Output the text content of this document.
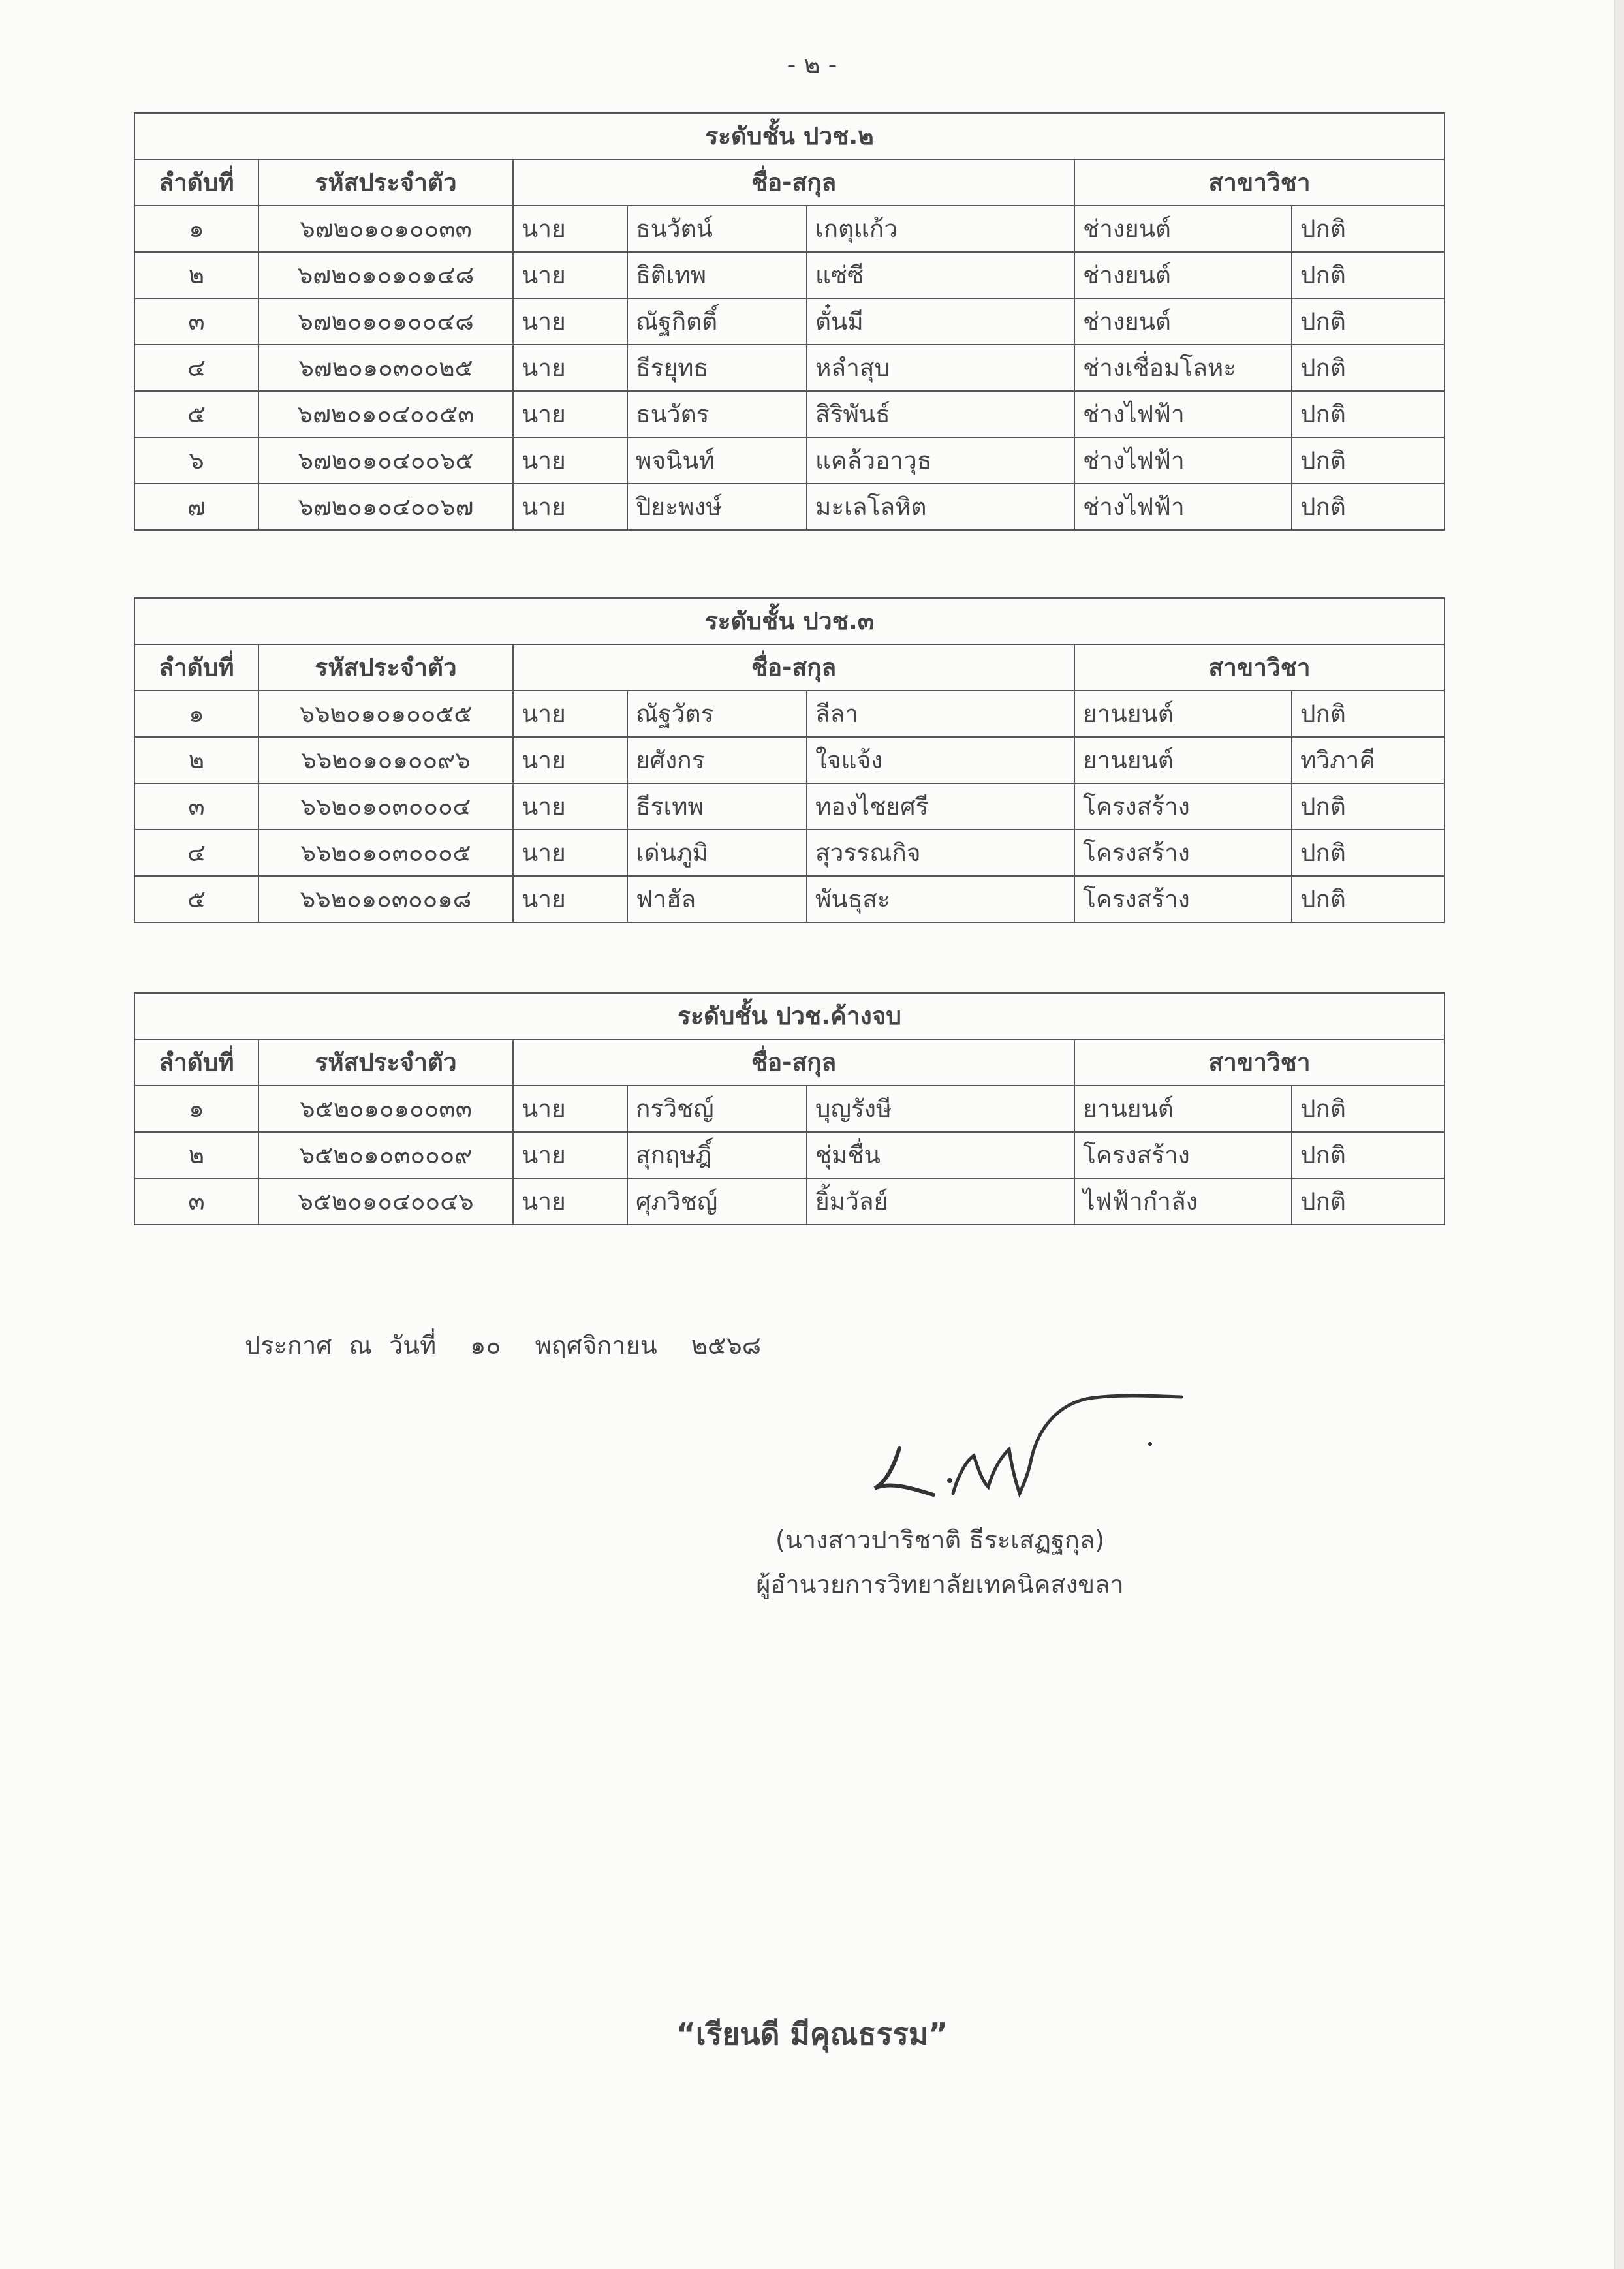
- ๒ -
ระดับชั้น ปวช.๒						
ลำดับที่	รหัสประจำตัว	ชื่อ-สกุล			สาขาวิชา	
๑	๖๗๒๐๑๐๑๐๐๓๓	นาย	ธนวัตน์	เกตุแก้ว	ช่างยนต์	ปกติ
๒	๖๗๒๐๑๐๑๐๑๔๘	นาย	ธิติเทพ	แซ่ซี	ช่างยนต์	ปกติ
๓	๖๗๒๐๑๐๑๐๐๔๘	นาย	ณัฐกิตติ์	ตั๋นมี	ช่างยนต์	ปกติ
๔	๖๗๒๐๑๐๓๐๐๒๕	นาย	ธีรยุทธ	หลำสุบ	ช่างเชื่อมโลหะ	ปกติ
๕	๖๗๒๐๑๐๔๐๐๕๓	นาย	ธนวัตร	สิริพันธ์	ช่างไฟฟ้า	ปกติ
๖	๖๗๒๐๑๐๔๐๐๖๕	นาย	พจนินท์	แคล้วอาวุธ	ช่างไฟฟ้า	ปกติ
๗	๖๗๒๐๑๐๔๐๐๖๗	นาย	ปิยะพงษ์	มะเลโลหิต	ช่างไฟฟ้า	ปกติ
ระดับชั้น ปวช.๓						
ลำดับที่	รหัสประจำตัว	ชื่อ-สกุล			สาขาวิชา	
๑	๖๖๒๐๑๐๑๐๐๕๕	นาย	ณัฐวัตร	ลีลา	ยานยนต์	ปกติ
๒	๖๖๒๐๑๐๑๐๐๙๖	นาย	ยศังกร	ใจแจ้ง	ยานยนต์	ทวิภาคี
๓	๖๖๒๐๑๐๓๐๐๐๔	นาย	ธีรเทพ	ทองไชยศรี	โครงสร้าง	ปกติ
๔	๖๖๒๐๑๐๓๐๐๐๕	นาย	เด่นภูมิ	สุวรรณกิจ	โครงสร้าง	ปกติ
๕	๖๖๒๐๑๐๓๐๐๑๘	นาย	ฟาฮัล	พันธุสะ	โครงสร้าง	ปกติ
ระดับชั้น ปวช.ค้างจบ						
ลำดับที่	รหัสประจำตัว	ชื่อ-สกุล			สาขาวิชา	
๑	๖๕๒๐๑๐๑๐๐๓๓	นาย	กรวิชญ์	บุญรังษี	ยานยนต์	ปกติ
๒	๖๕๒๐๑๐๓๐๐๐๙	นาย	สุกฤษฎิ์	ชุ่มชื่น	โครงสร้าง	ปกติ
๓	๖๕๒๐๑๐๔๐๐๔๖	นาย	ศุภวิชญ์	ยิ้มวัลย์	ไฟฟ้ากำลัง	ปกติ
ประกาศ ณ วันที่ ๑๐ พฤศจิกายน ๒๕๖๘
(นางสาวปาริชาติ ธีระเสฏฐกุล)
ผู้อำนวยการวิทยาลัยเทคนิคสงขลา
“เรียนดี มีคุณธรรม”
